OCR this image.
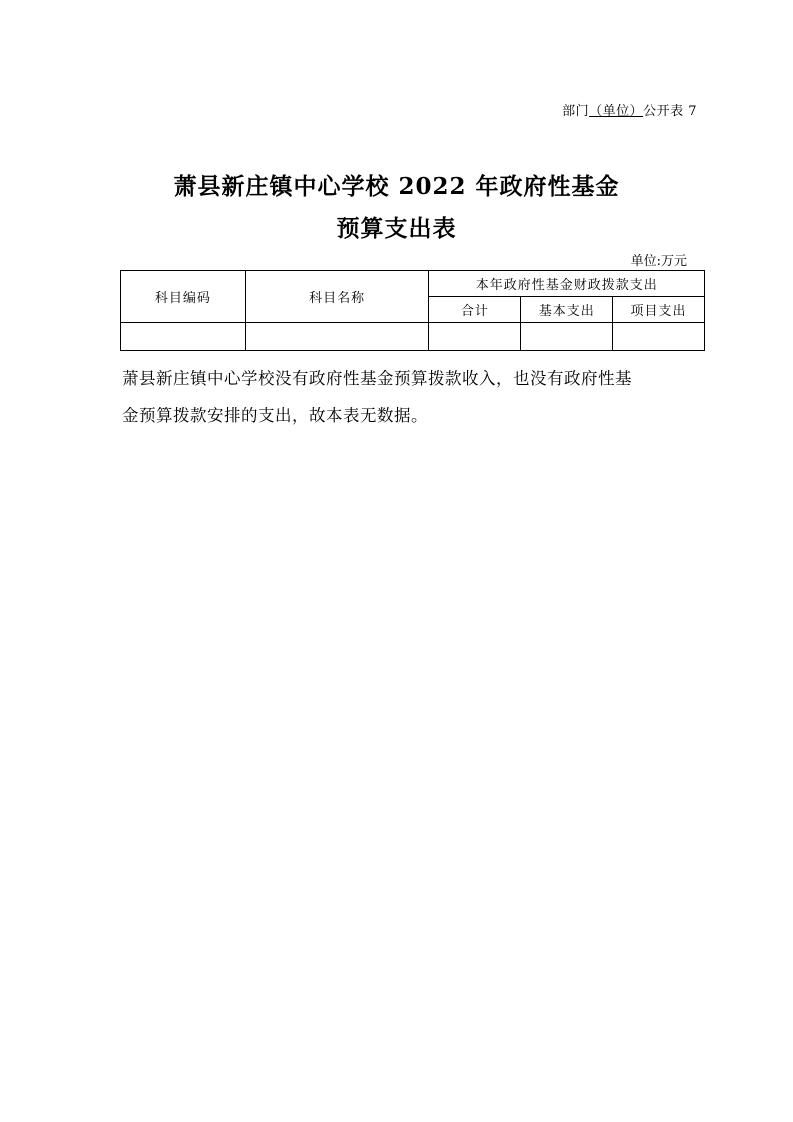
部门（单位）公开表 7
萧县新庄镇中心学校 2022 年政府性基金
预算支出表
单位:万元
科目编码	科目名称	本年政府性基金财政拨款支出		
		合计	基本支出	项目支出

萧县新庄镇中心学校没有政府性基金预算拨款收入，也没有政府性基
金预算拨款安排的支出，故本表无数据。
